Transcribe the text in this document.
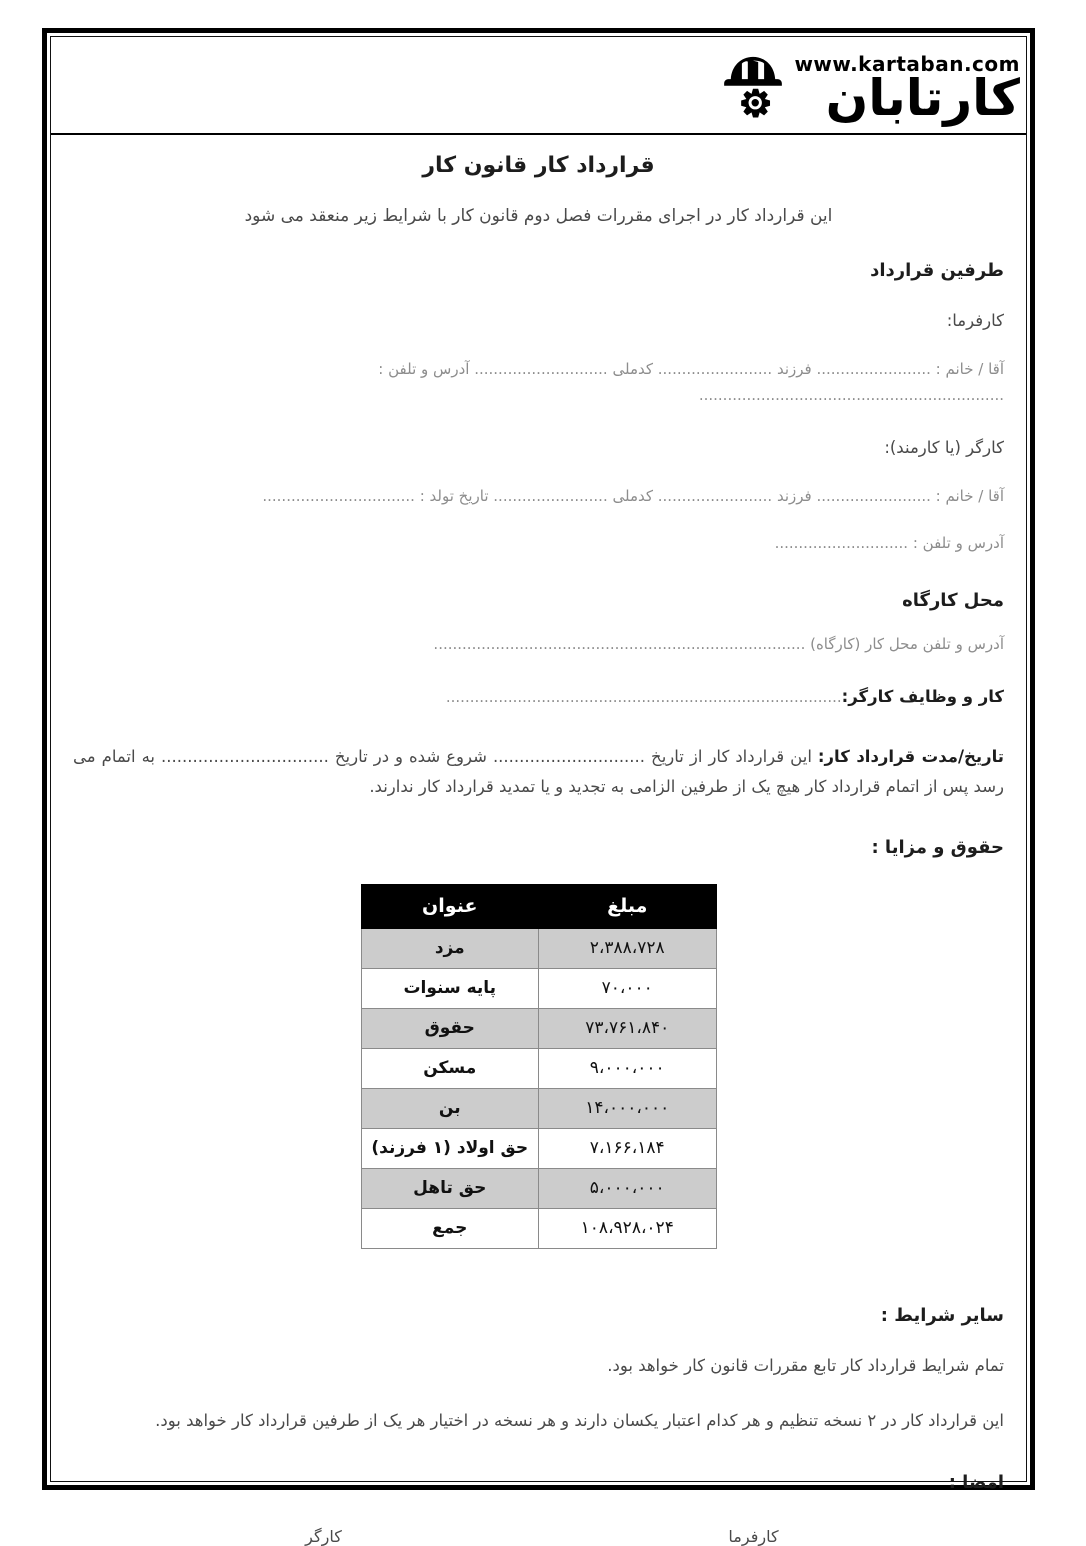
www.kartaban.com
کارتابان
قرارداد کار قانون کار

این قرارداد کار در اجرای مقررات فصل دوم قانون کار با شرایط زیر منعقد می شود

طرفین قرارداد

کارفرما:

آقا / خانم : ........................ فرزند ........................ کدملی ............................ آدرس و تلفن : ................................................................

کارگر (یا کارمند):

آقا / خانم : ........................ فرزند ........................ کدملی ........................ تاریخ تولد : ................................

آدرس و تلفن : ............................

محل کارگاه

آدرس و تلفن محل کار (کارگاه) ..............................................................................

کار و وظایف کارگر:...................................................................................

تاریخ/مدت قرارداد کار: این قرارداد کار از تاریخ ............................. شروع شده و در تاریخ ................................ به اتمام می رسد پس از اتمام قرارداد کار هیچ یک از طرفین الزامی به تجدید و یا تمدید قرارداد کار ندارند.

حقوق و مزایا :
مبلغ	عنوان
۲،۳۸۸،۷۲۸	مزد
۷۰،۰۰۰	پایه سنوات
۷۳،۷۶۱،۸۴۰	حقوق
۹،۰۰۰،۰۰۰	مسکن
۱۴،۰۰۰،۰۰۰	بن
۷،۱۶۶،۱۸۴	حق اولاد (۱ فرزند)
۵،۰۰۰،۰۰۰	حق تاهل
۱۰۸،۹۲۸،۰۲۴	جمع
سایر شرایط :

تمام شرایط قرارداد کار تابع مقررات قانون کار خواهد بود.

این قرارداد کار در ۲ نسخه تنظیم و هر کدام اعتبار یکسان دارند و هر نسخه در اختیار هر یک از طرفین قرارداد کار خواهد بود.

امضا :
کارفرما
کارگر
